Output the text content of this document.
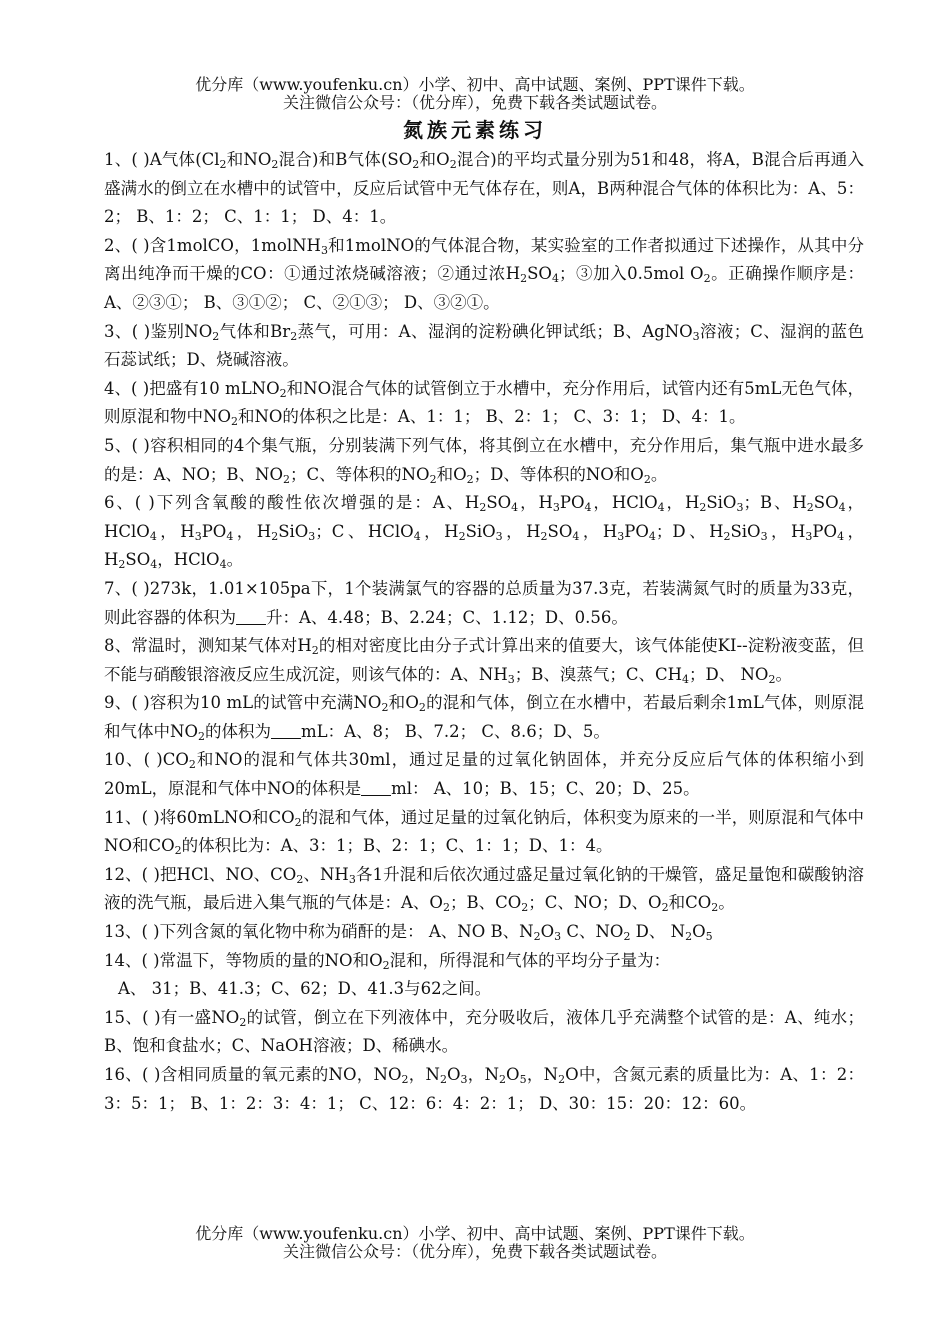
优分库（www.youfenku.cn）小学、初中、高中试题、案例、PPT课件下载。
关注微信公众号：（优分库），免费下载各类试题试卷。
氮族元素练习

1、( )A气体($Cl_2$和$NO_2$混合)和B气体($SO_2$和$O_2$混合)的平均式量分别为51和48，将A，B混合后再通入盛满水的倒立在水槽中的试管中，反应后试管中无气体存在，则A，B两种混合气体的体积比为：A、5：2； B、1：2； C、1：1； D、4：1。

2、( )含1molCO，1molNH$_3$和1molNO的气体混合物，某实验室的工作者拟通过下述操作，从其中分离出纯净而干燥的CO：①通过浓烧碱溶液；②通过浓$H_2SO_4$；③加入0.5mol $O_2$。正确操作顺序是：A、②③①； B、③①②； C、②①③； D、③②①。

3、( )鉴别$NO_2$气体和$Br_2$蒸气，可用：A、湿润的淀粉碘化钾试纸；B、AgNO$_3$溶液；C、湿润的蓝色石蕊试纸；D、烧碱溶液。

4、( )把盛有10 mLNO$_2$和NO混合气体的试管倒立于水槽中，充分作用后，试管内还有5mL无色气体，则原混和物中$NO_2$和NO的体积之比是：A、1：1； B、2：1； C、3：1； D、4：1。

5、( )容积相同的4个集气瓶，分别装满下列气体，将其倒立在水槽中，充分作用后，集气瓶中进水最多的是：A、NO；B、$NO_2$；C、等体积的$NO_2$和$O_2$；D、等体积的NO和$O_2$。

6、( )下列含氧酸的酸性依次增强的是：A、$H_2SO_4$，$H_3PO_4$，HClO$_4$，$H_2SiO_3$；B、$H_2SO_4$，HClO$_4$，$H_3PO_4$，$H_2SiO_3$；C、HClO$_4$，$H_2SiO_3$，$H_2SO_4$，$H_3PO_4$；D、$H_2SiO_3$，$H_3PO_4$，$H_2SO_4$，HClO$_4$。

7、( )273k，1.01×105pa下，1个装满氯气的容器的总质量为37.3克，若装满氮气时的质量为33克，则此容器的体积为 升：A、4.48；B、2.24；C、1.12；D、0.56。

8、常温时，测知某气体对$H_2$的相对密度比由分子式计算出来的值要大，该气体能使KI--淀粉液变蓝，但不能与硝酸银溶液反应生成沉淀，则该气体的：A、$NH_3$；B、溴蒸气；C、$CH_4$；D、 $NO_2$。

9、( )容积为10 mL的试管中充满$NO_2$和$O_2$的混和气体，倒立在水槽中，若最后剩余1mL气体，则原混和气体中$NO_2$的体积为 mL：A、8； B、7.2； C、8.6；D、5。

10、( )$CO_2$和NO的混和气体共30ml，通过足量的过氧化钠固体，并充分反应后气体的体积缩小到20mL，原混和气体中NO的体积是 ml： A、10；B、15；C、20；D、25。

11、( )将60mLNO和$CO_2$的混和气体，通过足量的过氧化钠后，体积变为原来的一半，则原混和气体中NO和$CO_2$的体积比为：A、3：1；B、2：1；C、1：1；D、1：4。

12、( )把HCl、NO、$CO_2$、$NH_3$各1升混和后依次通过盛足量过氧化钠的干燥管，盛足量饱和碳酸钠溶液的洗气瓶，最后进入集气瓶的气体是：A、$O_2$；B、$CO_2$；C、NO；D、$O_2$和$CO_2$。

13、( )下列含氮的氧化物中称为硝酐的是： A、NO B、$N_2O_3$ C、$NO_2$ D、 $N_2O_5$

14、( )常温下，等物质的量的NO和$O_2$混和，所得混和气体的平均分子量为：
A、 31；B、41.3；C、62；D、41.3与62之间。

15、( )有一盛$NO_2$的试管，倒立在下列液体中，充分吸收后，液体几乎充满整个试管的是：A、纯水；B、饱和食盐水；C、NaOH溶液；D、稀碘水。

16、( )含相同质量的氧元素的NO，$NO_2$，$N_2O_3$，$N_2O_5$，$N_2O$中，含氮元素的质量比为：A、1：2：3：5：1； B、1：2：3：4：1； C、12：6：4：2：1； D、30：15：20：12：60。

优分库（www.youfenku.cn）小学、初中、高中试题、案例、PPT课件下载。
关注微信公众号：（优分库），免费下载各类试题试卷。
